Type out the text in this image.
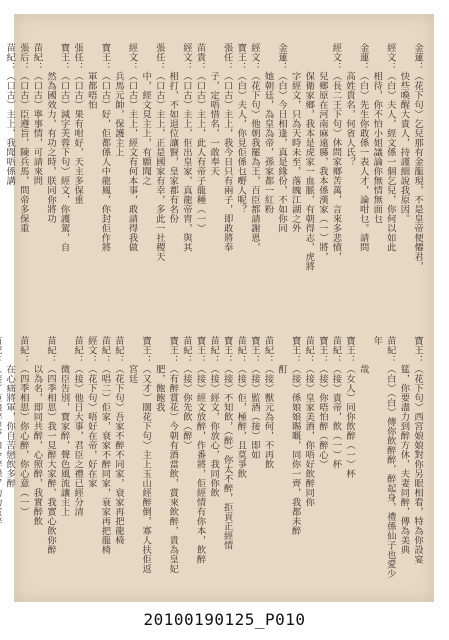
金蓮：（花下句）乞兒那有金龍現，不是皇帝便僊君，
　　　快些喚醒大貴人，持謹細說我原因。
經文：（白）夫人，經文係一個乞兒，你何以如此
　　　相待，你不怕小姐議論你無情無面乜
金蓮：（白）先生你敢係一表人才，論咁乜。請問
　　　高姓貴名，何省人氏？
經文：（長二王下句）休問家鄉苦萬，言來多悲憤，
　　　兒鄉原在河南麻遠縣，我本係漢家（一）將，
　　　保衛家鄉，我本是虎家一血脈，有朝得志，虎將
　　　字經文，只為天時未至，落魄江湖之外
金蓮：（白）今日相逢，真是緣份，不如你同
　　　她朝廷，為皇為帝，孫家都一紅粉
經文：（花下句）他朝我罷為王，百臣都請謝恩，
寶王：（白）夫人，你見佢係乜嘢人呢？
張任：（口古）主上，我今日只有兩子，即敢將奉
　　　子，定唔惜名，一敢奉天
苗貴：（口古）主上，此人有帝子龍種（一）
經文：（口古）主上，佢出皇家，真龍帝胄，與其
　　　相打，不如退位讓賢，皇家都有名份
張任：（口古）主上，正是國家有幸，多此一社稷天
　　　中，經文見主上，有願聞之
經文：（口古）主上，經文有何本事，敢請得我做
　　　兵馬元帥，保護主上
寶王：（口古）好，佢都係人中龍鳳，你封佢作將
　　　軍都唔怕
張任：（口古）果有咁好，天主多保重
寶王：（口古）減字芙蓉下句）經文，你護駕，自
　　　然為國效力，有功之時，朕同你將功
苗紀：（口古）寧事情，可請來問
張后：（口古）臣遵旨，陳兵馬，問帝多保重
苗紀：（口古）主上，我聞唔係講
寶王：（花下句）西宮娘娘對你另眼相看，特為你設宴
　　　筵，你要盡力到醉方休，夫妻同醉，傳為美典
苗紀：（白）（白）傳你飲醉醉，醉起身，禮係仙子也愛少年
　　　哉
寶王：（女人）同你飲醉（一）杯
苗紀：（接）貴帝，飲（一）杯
寶王：（接）你唔怕醉（醉心）
苗紀：（接）皇家美酒，你唔好飲醉同你
寶王：（接）係娘娘賜嘅，同你一齊，我都未醉
　　　酊
苗紀：（接）獸元為何，不再飲
寶王：（接）監酒（接）即如
苗紀：（接）佢，極醉，且莫爭飲
寶王：（接）不知飲，（醉）你太不醉，拒貢正經情
苗紀：（接）經文，你放心，我同你飲
寶王：（接）經文放醉，作番將，佢經情有你本，飲醉
苗紀：（接）你先飲（醉）
寶王：（有醉賞花）今朝有酒當飲，賞來飲醉，貴為皇妃
　　　肥，飽飽我
寶王：（又才）闊花下句）主上玉山經醉倒，寡人扶佢返
　　　宮廷
苗紀：（花下句）吾家不醉不同家，衰家再把龍椅
苗紀：（唱二）佢家，衰家不醉同家，衰家再把龍椅
經文：（花下句）唔好在帝，好在家
苗紀：（接）他日大事，君臣之禮已經分清
　　　微臣告別，寶家醉，聲色風流讓主上
苗紀：（四季相思）我一見醉大家醉，我實心飲你醉
　　　以為名，即同共醉，心照醉，我實醉飲
苗紀：（四季相思）你心醉，你心意（一）
　　　在心痛將軍，你自苦戀飲多醉
20100190125_P010
